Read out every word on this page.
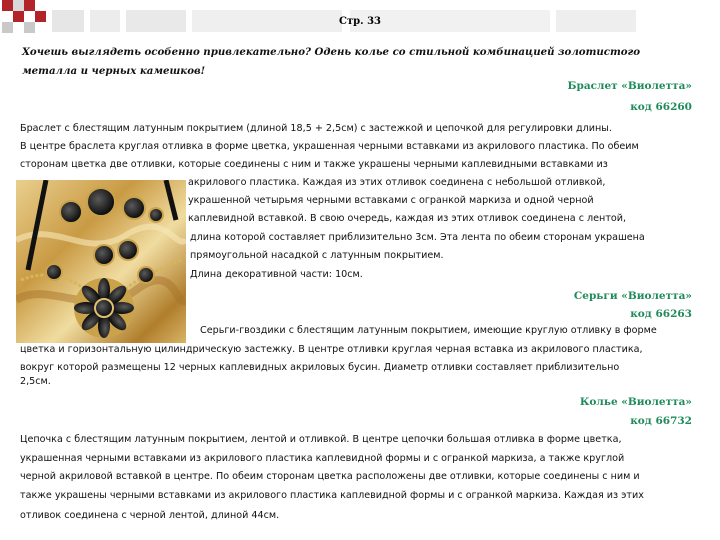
Стр. 33
Хочешь выглядеть особенно привлекательно? Одень колье со стильной комбинацией золотистого металла и черных камешков!
Браслет «Виолетта»
код 66260
Браслет с блестящим латунным покрытием (длиной 18,5 + 2,5см) с застежкой и цепочкой для регулировки длины.
В центре браслета круглая отливка в форме цветка, украшенная черными вставками из акрилового пластика. По обеим
сторонам цветка две отливки, которые соединены с ним и также украшены черными каплевидными вставками из
акрилового пластика. Каждая из этих отливок соединена с небольшой отливкой,
украшенной четырьмя черными вставками с огранкой маркиза и одной черной
каплевидной вставкой. В свою очередь, каждая из этих отливок соединена с лентой,
длина которой составляет приблизительно 3см. Эта лента по обеим сторонам украшена
прямоугольной насадкой с латунным покрытием.
Длина декоративной части: 10см.
Серьги «Виолетта»
код 66263
Серьги-гвоздики с блестящим латунным покрытием, имеющие круглую отливку в форме
цветка и горизонтальную цилиндрическую застежку. В центре отливки круглая черная вставка из акрилового пластика,
вокруг которой размещены 12 черных каплевидных акриловых бусин. Диаметр отливки составляет приблизительно
2,5см.
Колье «Виолетта»
код 66732
Цепочка с блестящим латунным покрытием, лентой и отливкой. В центре цепочки большая отливка в форме цветка,
украшенная черными вставками из акрилового пластика каплевидной формы и с огранкой маркиза, а также круглой
черной акриловой вставкой в центре. По обеим сторонам цветка расположены две отливки, которые соединены с ним и
также украшены черными вставками из акрилового пластика каплевидной формы и с огранкой маркиза. Каждая из этих
отливок соединена с черной лентой, длиной 44см.
